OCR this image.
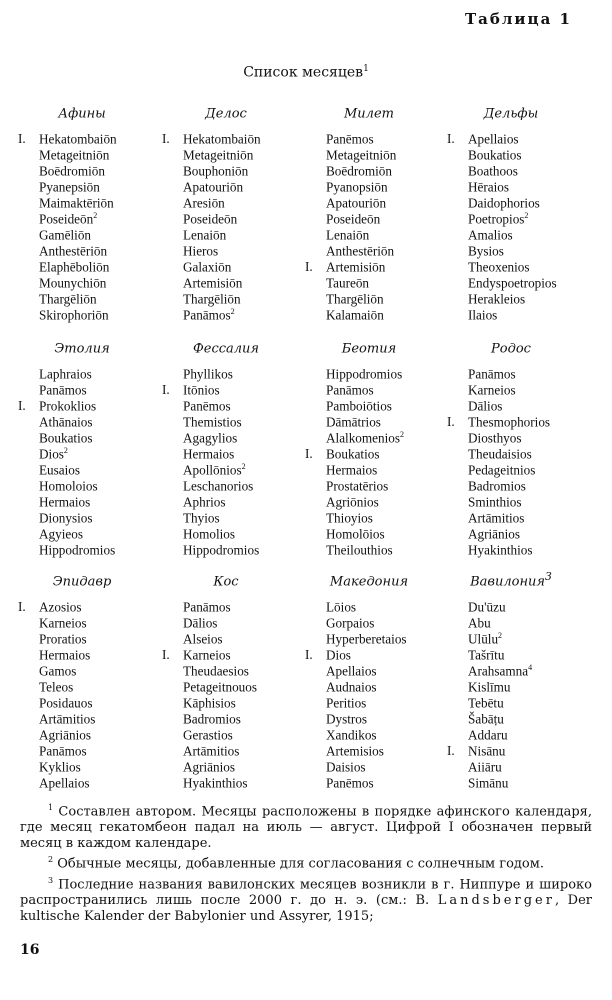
Таблица 1
Список месяцев$^1$
Афины
I. Hekatombaiōn
Metageitniōn
Boēdromiōn
Pyanepsiōn
Maimaktēriōn
Poseideōn$^2$
Gamēliōn
Anthestēriōn
Elaphēboliōn
Mounychiōn
Thargēliōn
Skirophoriōn
Делос
I. Hekatombaiōn
Metageitniōn
Bouphoniōn
Apatouriōn
Aresiōn
Poseideōn
Lenaiōn
Hieros
Galaxiōn
Artemisiōn
Thargēliōn
Panāmos$^2$
Милет
Panēmos
Metageitniōn
Boēdromiōn
Pyanopsiōn
Apatouriōn
Poseideōn
Lenaiōn
Anthestēriōn
I. Artemisiōn
Taureōn
Thargēliōn
Kalamaiōn
Дельфы
I. Apellaios
Boukatios
Boathoos
Hēraios
Daidophorios
Poetropios$^2$
Amalios
Bysios
Theoxenios
Endyspoetropios
Herakleios
Ilaios
Этолия
Laphraios
Panāmos
I. Prokoklios
Athānaios
Boukatios
Dios$^2$
Eusaios
Homoloios
Hermaios
Dionysios
Agyieos
Hippodromios
Фессалия
Phyllikos
I. Itōnios
Panēmos
Themistios
Agagylios
Hermaios
Apollōnios$^2$
Leschanorios
Aphrios
Thyios
Homolios
Hippodromios
Беотия
Hippodromios
Panāmos
Pamboiōtios
Dāmātrios
Alalkomenios$^2$
I. Boukatios
Hermaios
Prostatērios
Agriōnios
Thioyios
Homolōios
Theilouthios
Родос
Panāmos
Karneios
Dālios
I. Thesmophorios
Diosthyos
Theudaisios
Pedageitnios
Badromios
Sminthios
Artāmitios
Agriānios
Hyakinthios
Эпидавр
I. Azosios
Karneios
Proratios
Hermaios
Gamos
Teleos
Posidauos
Artāmitios
Agriānios
Panāmos
Kyklios
Apellaios
Кос
Panāmos
Dālios
Alseios
I. Karneios
Theudaesios
Petageitnouos
Kāphisios
Badromios
Gerastios
Artāmitios
Agriānios
Hyakinthios
Македония
Lōios
Gorpaios
Hyperberetaios
I. Dios
Apellaios
Audnaios
Peritios
Dystros
Xandikos
Artemisios
Daisios
Panēmos
Вавилония$^3$
Du'ūzu
Abu
Ulūlu$^2$
Tašrītu
Arahsamna$^4$
Kislīmu
Tebētu
Šabāṭu
Addaru
I. Nisānu
Aiiāru
Simānu

$^1$ Составлен автором. Месяцы расположены в порядке афинского календаря, где месяц гекатомбеон падал на июль — август. Цифрой I обозначен первый месяц в каждом календаре.

$^2$ Обычные месяцы, добавленные для согласования с солнечным годом.

$^3$ Последние названия вавилонских месяцев возникли в г. Ниппуре и широко распространились лишь после 2000 г. до н. э. (см.: B. Landsberger, Der kultische Kalender der Babylonier und Assyrer, 1915;

16
